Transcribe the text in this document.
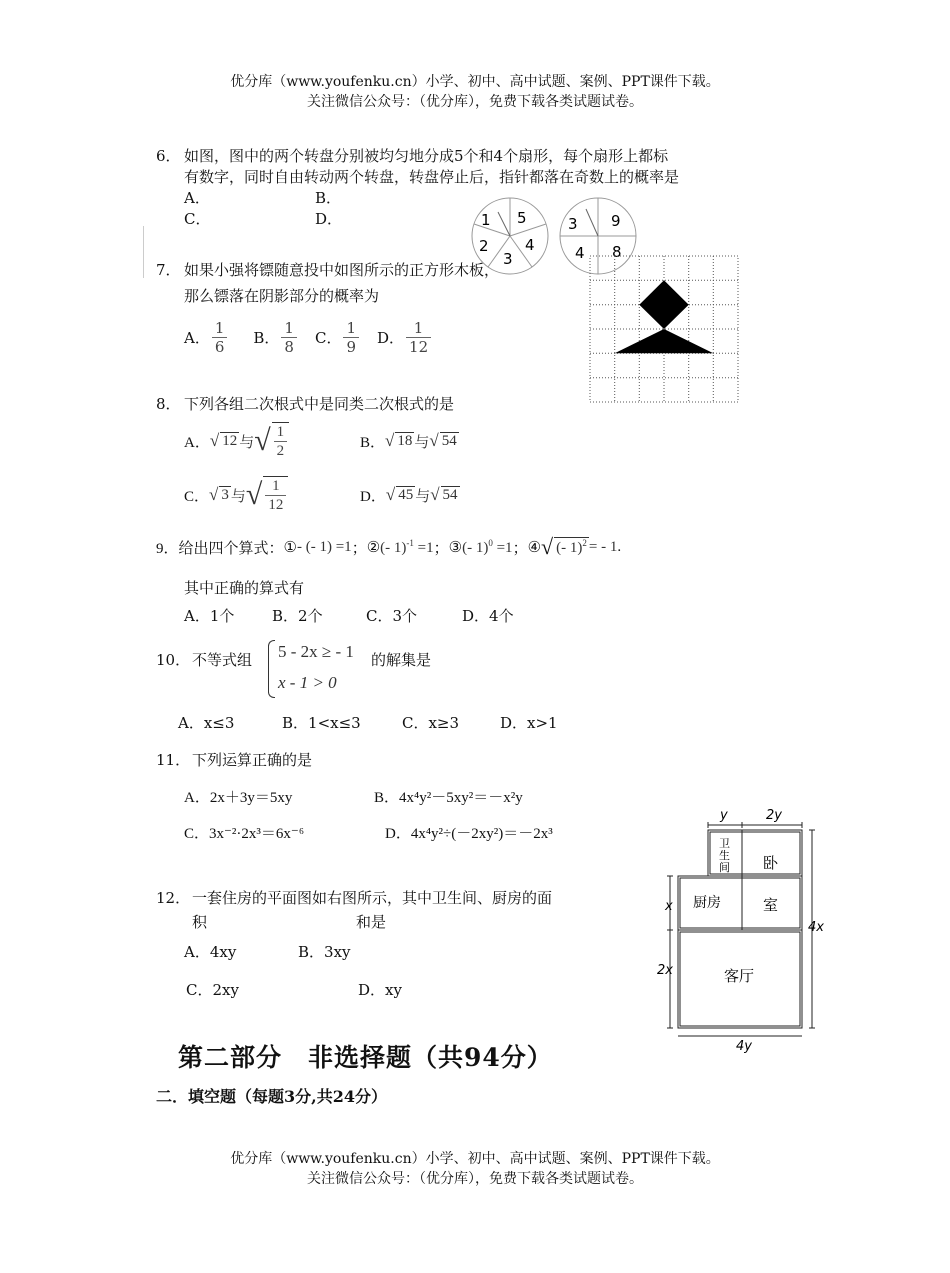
优分库（www.youfenku.cn）小学、初中、高中试题、案例、PPT课件下载。
关注微信公众号：（优分库），免费下载各类试题试卷。
6． 如图，图中的两个转盘分别被均匀地分成5个和4个扇形，每个扇形上都标
有数字，同时自由转动两个转盘，转盘停止后，指针都落在奇数上的概率是
A．	B．
C．	D．	1 5
2 4
3
3 9
4 8
7． 如果小强将镖随意投中如图所示的正方形木板，
那么镖落在阴影部分的概率为
A． $\frac{1}{6}$ B． $\frac{1}{8}$ C． $\frac{1}{9}$ D． $\frac{1}{12}$
8． 下列各组二次根式中是同类二次根式的是
A． √ 12 与 √ $\frac{1}{2}$	B． √ 18 与 √ 54
C． √ 3 与 √ $\frac{1}{12}$	D． √ 45 与 √ 54
9． 给出四个算式： ① - (- 1) =1 ； ② (- 1)$^{-1}$ =1 ； ③ (- 1)$^0$ =1 ； ④ √ (- 1)$^2$ = - 1 .
其中正确的算式有
A．1个	B．2个	C．3个	D．4个
10． 不等式组 5 - 2x ≥ - 1
x - 1 > 0
的解集是
A．x≤3	B．1<x≤3	C．x≥3	D．x>1
11． 下列运算正确的是
A．2x＋3y＝5xy	B．4x⁴y²－5xy²＝－x²y
C．3x⁻²·2x³＝6x⁻⁶	D．4x⁴y²÷(－2xy²)＝－2x³
12． 一套住房的平面图如右图所示，其中卫生间、厨房的面
积	和是
A．4xy	B．3xy
C．2xy	D．xy
y	2y
卫
生
间
厨房
卧
室
客厅
x
2x
4x
4y
第二部分　非选择题（共94分）
二．填空题（每题3分,共24分）
优分库（www.youfenku.cn）小学、初中、高中试题、案例、PPT课件下载。
关注微信公众号：（优分库），免费下载各类试题试卷。
